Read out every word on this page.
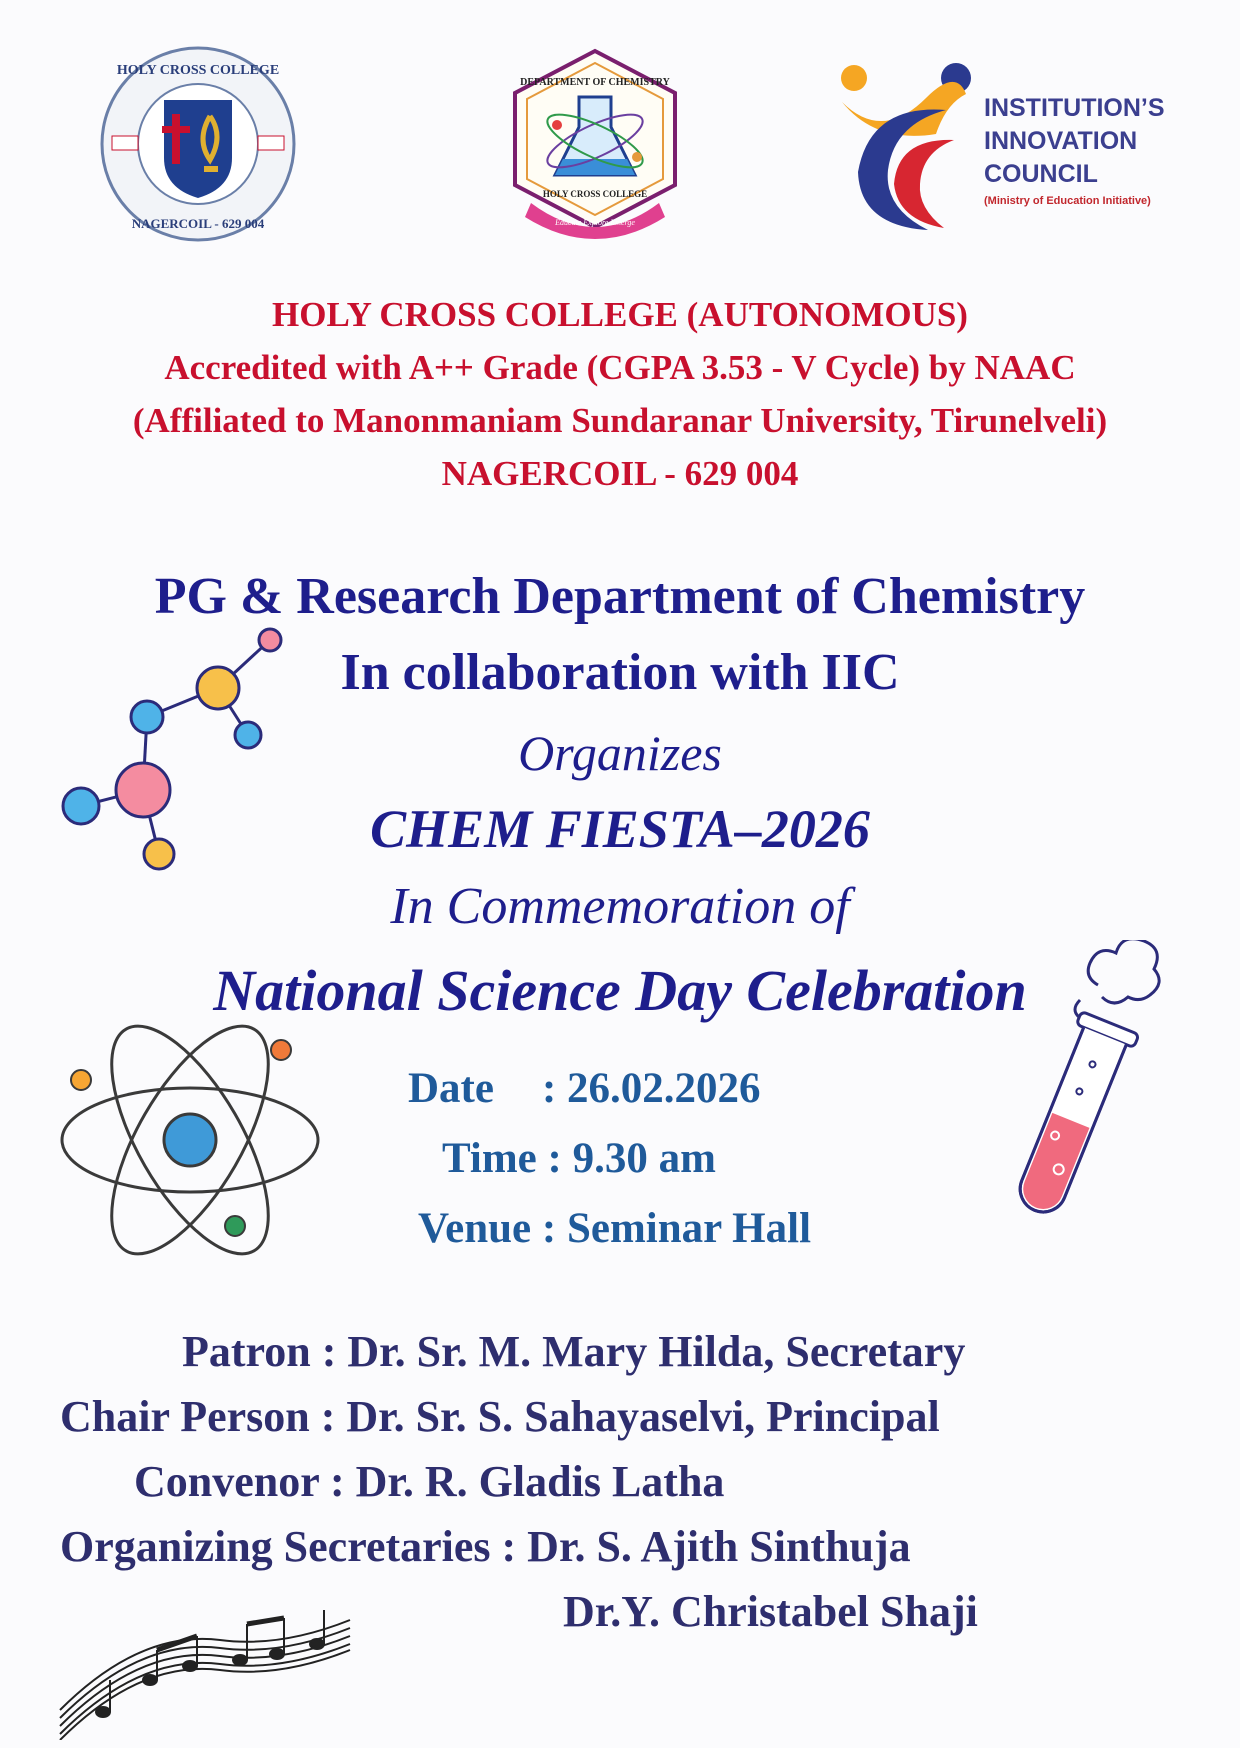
HOLY CROSS COLLEGE
NAGERCOIL - 629 004
DEPARTMENT OF CHEMISTRY
HOLY CROSS COLLEGE
Educate Explore Emerge
INSTITUTION’S
INNOVATION
COUNCIL
(Ministry of Education Initiative)
HOLY CROSS COLLEGE (AUTONOMOUS)
Accredited with A++ Grade (CGPA 3.53 - V Cycle) by NAAC
(Affiliated to Manonmaniam Sundaranar University, Tirunelveli)
NAGERCOIL - 629 004
PG & Research Department of Chemistry
In collaboration with IIC
Organizes
CHEM FIESTA–2026
In Commemoration of
National Science Day Celebration
Date : 26.02.2026
Time : 9.30 am
Venue : Seminar Hall
Patron : Dr. Sr. M. Mary Hilda, Secretary
Chair Person : Dr. Sr. S. Sahayaselvi, Principal
Convenor : Dr. R. Gladis Latha
Organizing Secretaries : Dr. S. Ajith Sinthuja
Dr.Y. Christabel Shaji
